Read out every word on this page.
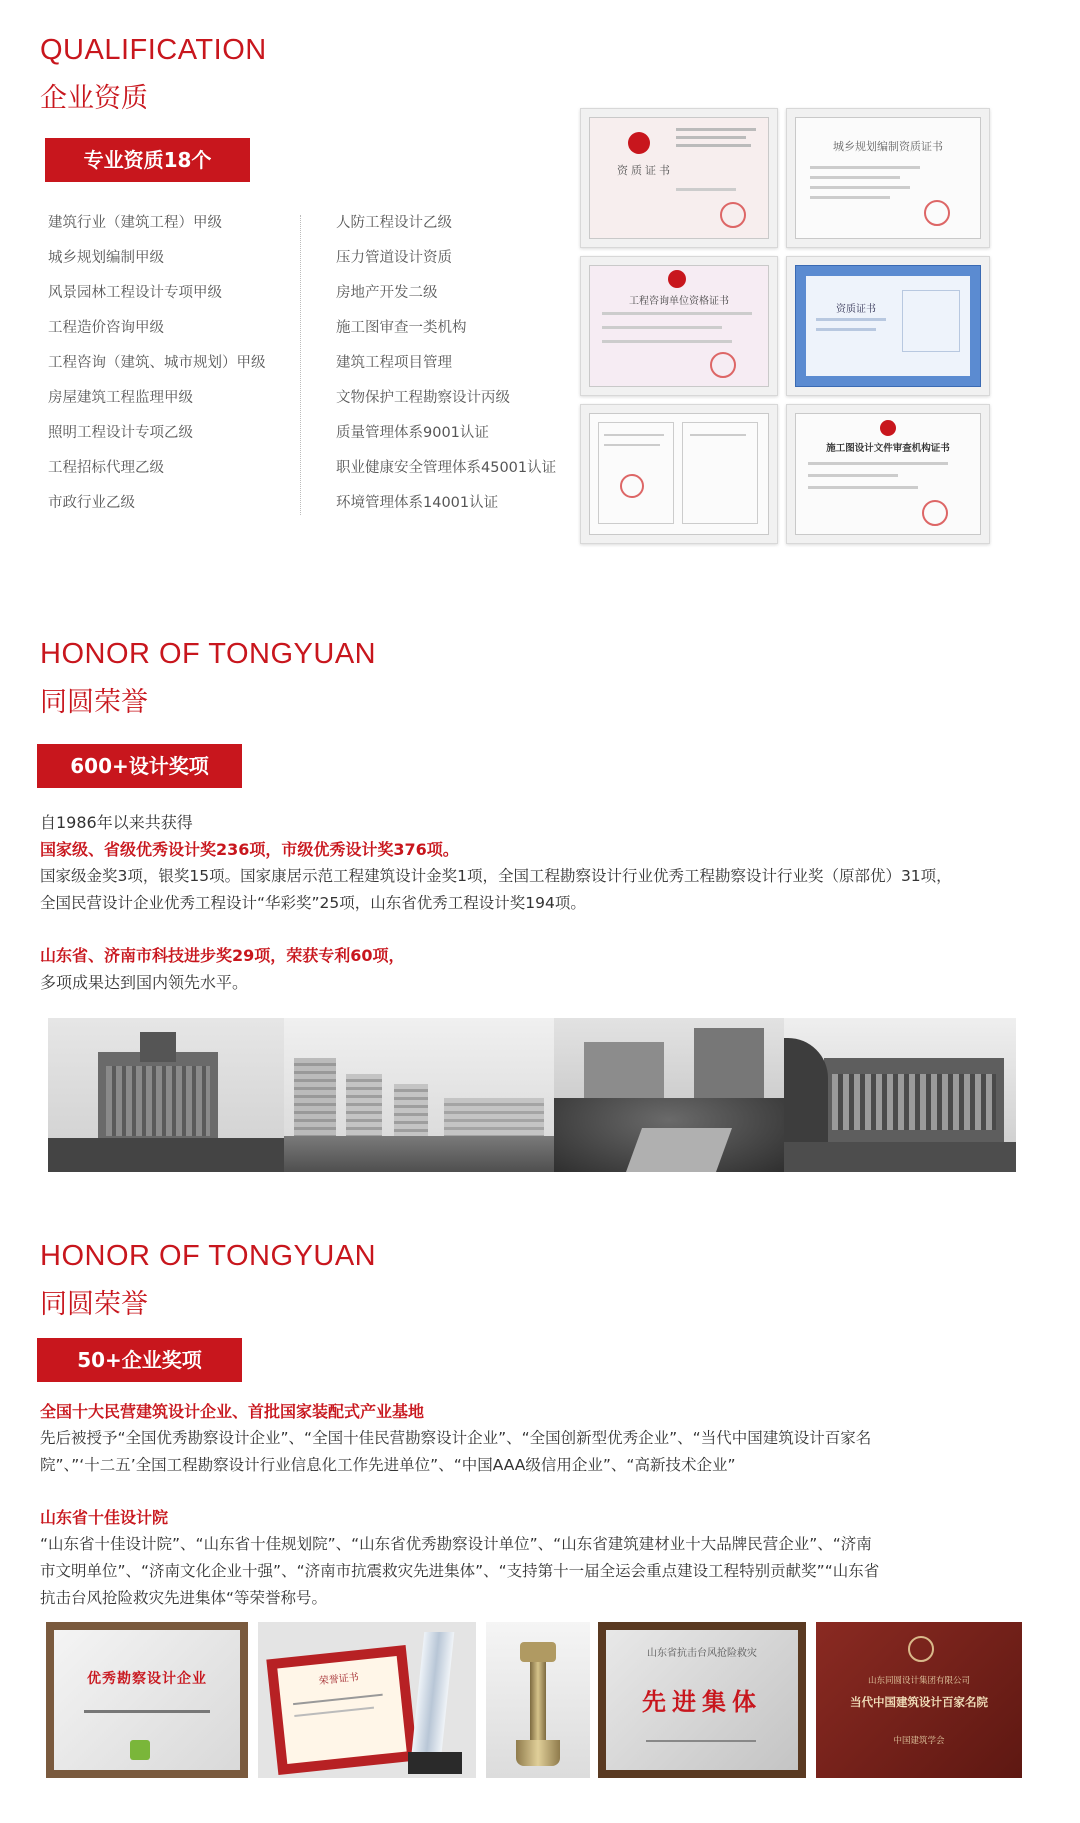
QUALIFICATION
企业资质
专业资质18个
建筑行业（建筑工程）甲级
城乡规划编制甲级
风景园林工程设计专项甲级
工程造价咨询甲级
工程咨询（建筑、城市规划）甲级
房屋建筑工程监理甲级
照明工程设计专项乙级
工程招标代理乙级
市政行业乙级
人防工程设计乙级
压力管道设计资质
房地产开发二级
施工图审查一类机构
建筑工程项目管理
文物保护工程勘察设计丙级
质量管理体系9001认证
职业健康安全管理体系45001认证
环境管理体系14001认证
资质证书
城乡规划编制资质证书
工程咨询单位资格证书
资质证书
施工图设计文件审查机构证书
HONOR OF TONGYUAN
同圆荣誉
600+设计奖项
自1986年以来共获得
国家级、省级优秀设计奖236项，市级优秀设计奖376项。
国家级金奖3项，银奖15项。国家康居示范工程建筑设计金奖1项，全国工程勘察设计行业优秀工程勘察设计行业奖（原部优）31项，
全国民营设计企业优秀工程设计“华彩奖”25项，山东省优秀工程设计奖194项。
山东省、济南市科技进步奖29项，荣获专利60项，
多项成果达到国内领先水平。
HONOR OF TONGYUAN
同圆荣誉
50+企业奖项
全国十大民营建筑设计企业、首批国家装配式产业基地
先后被授予“全国优秀勘察设计企业”、“全国十佳民营勘察设计企业”、“全国创新型优秀企业”、“当代中国建筑设计百家名
院”、”‘十二五’全国工程勘察设计行业信息化工作先进单位”、“中国AAA级信用企业”、“高新技术企业”
山东省十佳设计院
“山东省十佳设计院”、“山东省十佳规划院”、“山东省优秀勘察设计单位”、“山东省建筑建材业十大品牌民营企业”、“济南
市文明单位”、“济南文化企业十强”、“济南市抗震救灾先进集体”、“支持第十一届全运会重点建设工程特别贡献奖”“山东省
抗击台风抢险救灾先进集体“等荣誉称号。
优秀勘察设计企业	荣誉证书
山东省抗击台风抢险救灾
先进集体
山东同圆设计集团有限公司
当代中国建筑设计百家名院
中国建筑学会
